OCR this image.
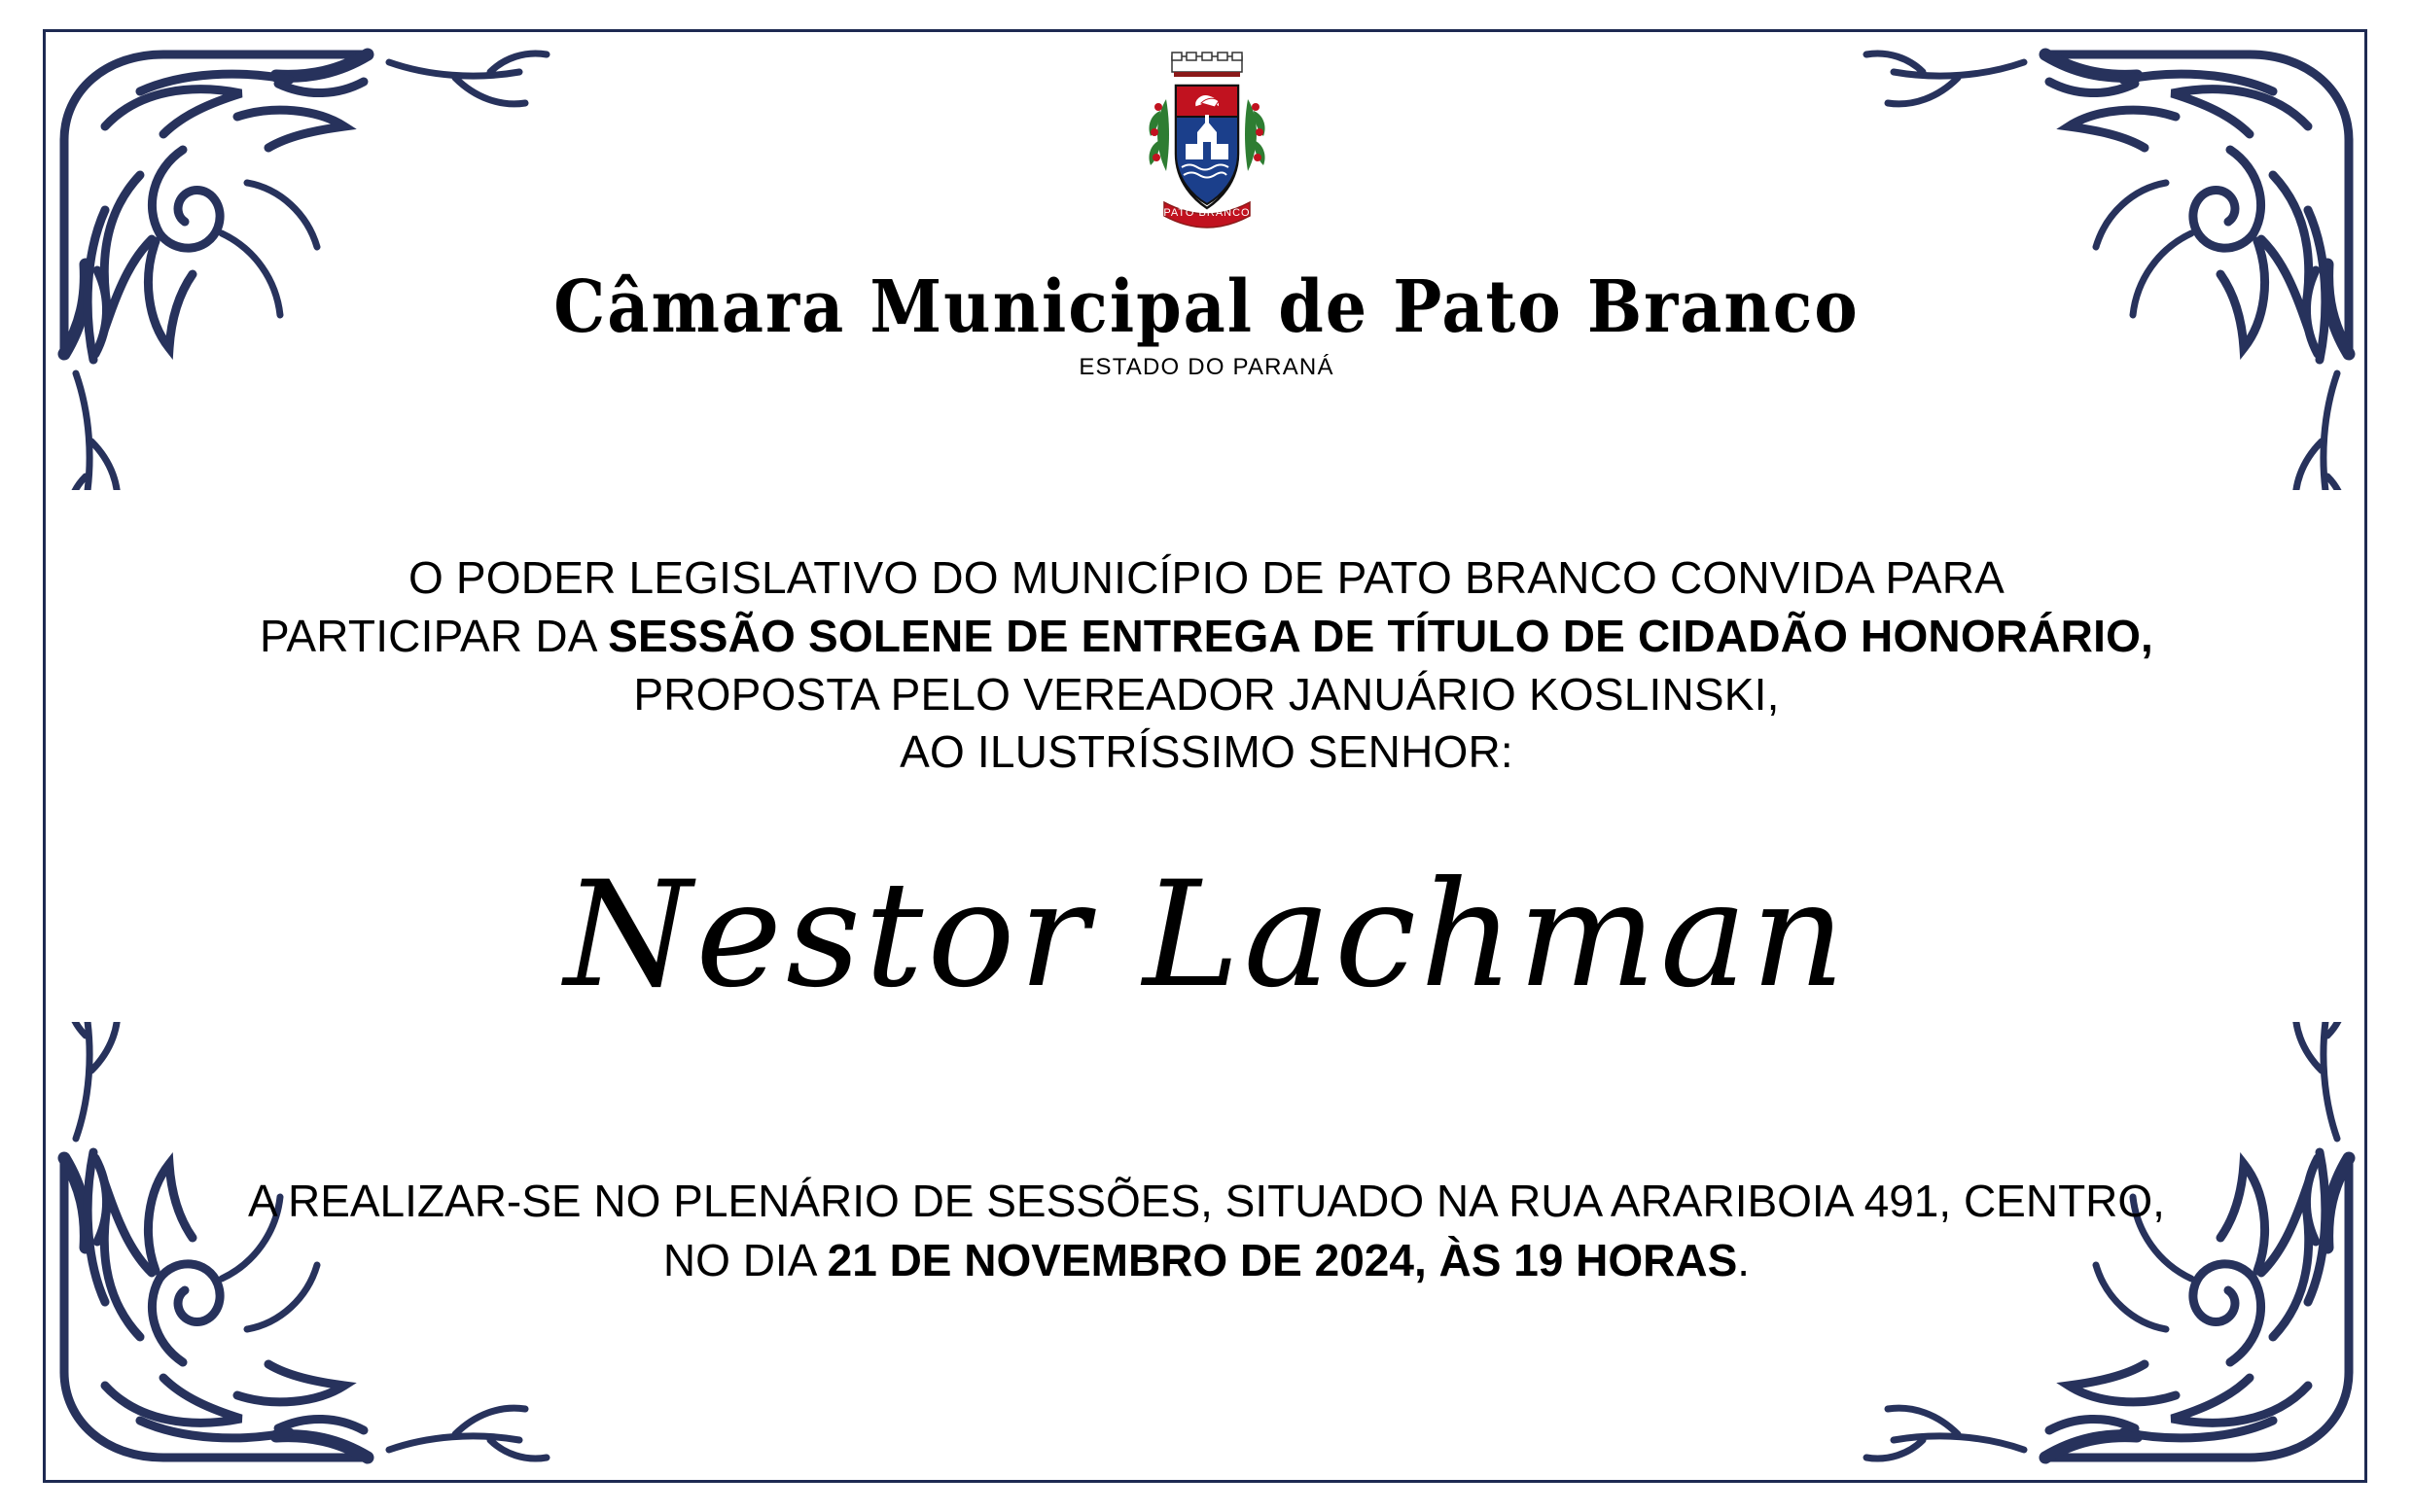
PATO BRANCO
Câmara Municipal de Pato Branco
ESTADO DO PARANÁ
O PODER LEGISLATIVO DO MUNICÍPIO DE PATO BRANCO CONVIDA PARA
PARTICIPAR DA SESSÃO SOLENE DE ENTREGA DE TÍTULO DE CIDADÃO HONORÁRIO,
PROPOSTA PELO VEREADOR JANUÁRIO KOSLINSKI,
AO ILUSTRÍSSIMO SENHOR:
Nestor Lachman
A REALIZAR-SE NO PLENÁRIO DE SESSÕES, SITUADO NA RUA ARARIBOIA 491, CENTRO,
NO DIA 21 DE NOVEMBRO DE 2024, ÀS 19 HORAS.
